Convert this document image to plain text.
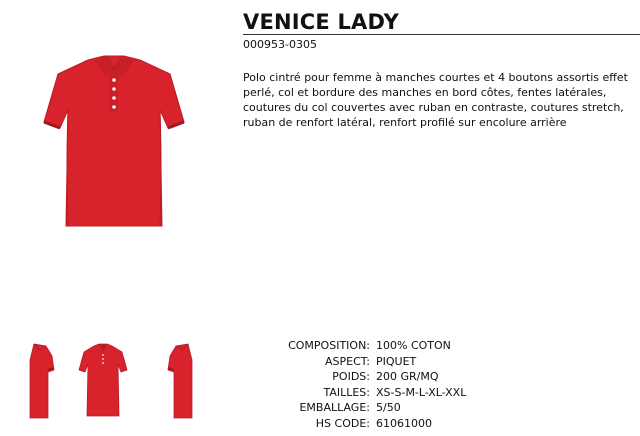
VENICE LADY
000953-0305

Polo cintré pour femme à manches courtes et 4 boutons assortis effet perlé, col et bordure des manches en bord côtes, fentes latérales, coutures du col couvertes avec ruban en contraste, coutures stretch, ruban de renfort latéral, renfort profilé sur encolure arrière

COMPOSITION:	100% COTON
ASPECT:	PIQUET
POIDS:	200 GR/MQ
TAILLES:	XS-S-M-L-XL-XXL
EMBALLAGE:	5/50
HS CODE:	61061000
